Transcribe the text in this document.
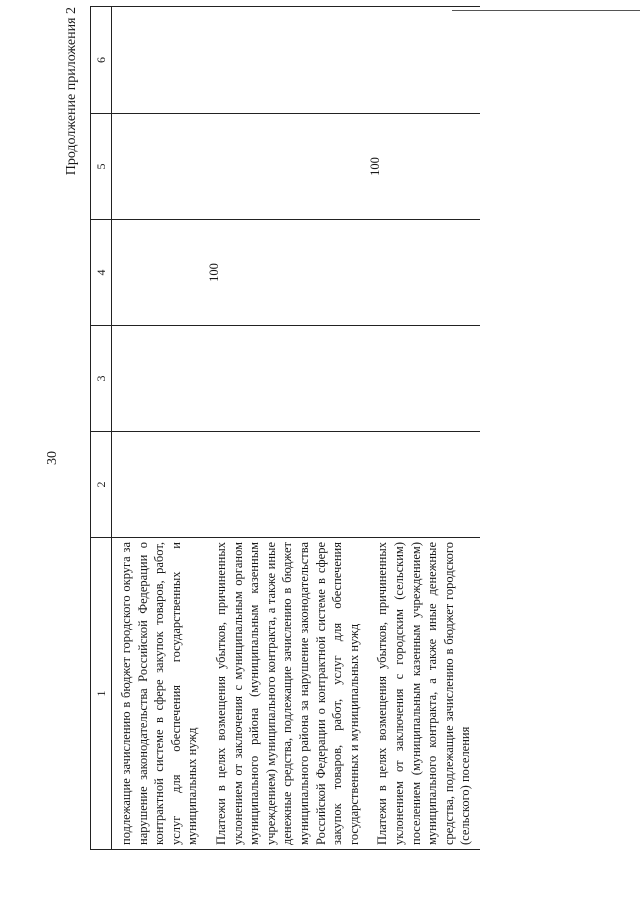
30
Продолжение приложения 2
1	2	3	4	5	6

подлежащие зачислению в бюджет городского округа за нарушение законодательства Российской Федерации о контрактной системе в сфере закупок товаров, работ, услуг для обеспечения государственных и муниципальных нужд					

Платежи в целях возмещения убытков, причиненных уклонением от заключения с муниципальным органом муниципального района (муниципальным казенным учреждением) муниципального контракта, а также иные денежные средства, подлежащие зачислению в бюджет муниципального района за нарушение законодательства Российской Федерации о контрактной системе в сфере закупок товаров, работ, услуг для обеспечения государственных и муниципальных нужд			100		

Платежи в целях возмещения убытков, причиненных уклонением от заключения с городским (сельским) поселением (муниципальным казенным учреждением) муниципального контракта, а также иные денежные средства, подлежащие зачислению в бюджет городского (сельского) поселения				100	
